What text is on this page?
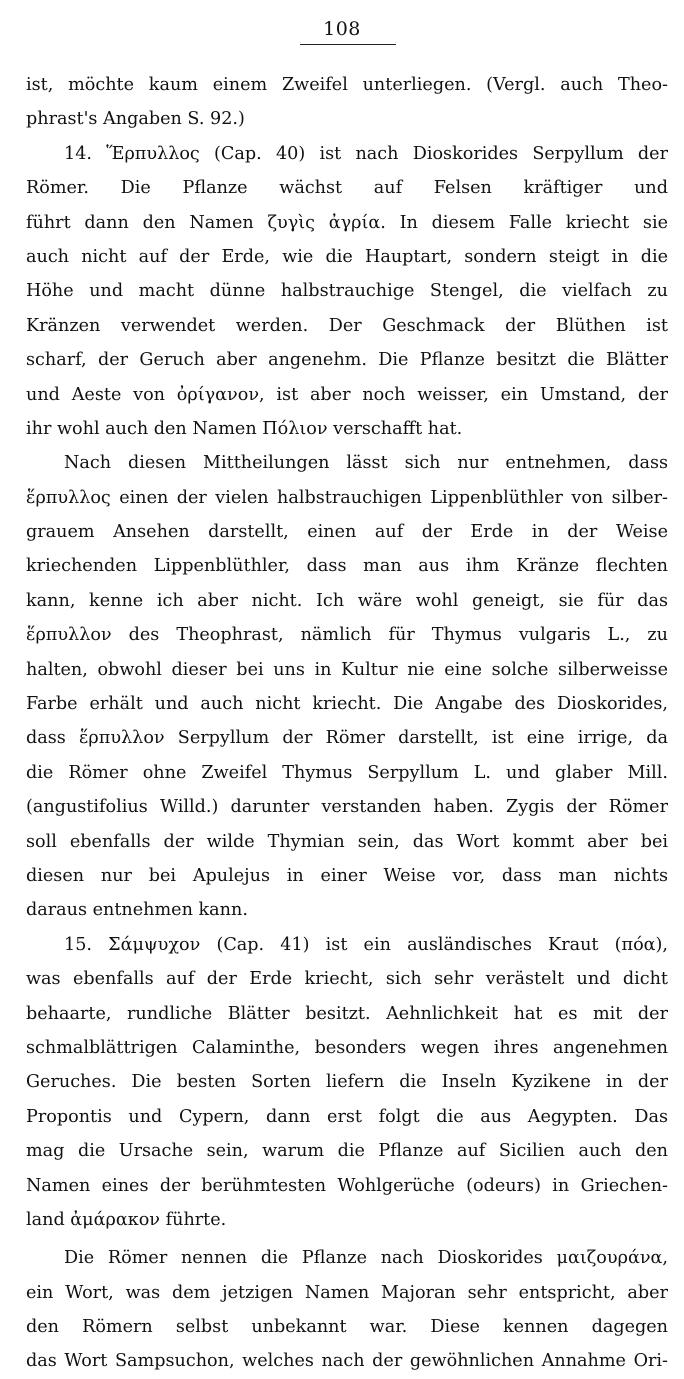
108
ist, möchte kaum einem Zweifel unterliegen. (Vergl. auch Theo-
phrast's Angaben S. 92.)
14. Ἕρπυλλος (Cap. 40) ist nach Dioskorides Serpyllum der
Römer. Die Pflanze wächst auf Felsen kräftiger und
führt dann den Namen ζυγὶς ἀγρία. In diesem Falle kriecht sie
auch nicht auf der Erde, wie die Hauptart, sondern steigt in die
Höhe und macht dünne halbstrauchige Stengel, die vielfach zu
Kränzen verwendet werden. Der Geschmack der Blüthen ist
scharf, der Geruch aber angenehm. Die Pflanze besitzt die Blätter
und Aeste von ὀρίγανον, ist aber noch weisser, ein Umstand, der
ihr wohl auch den Namen Πόλιον verschafft hat.
Nach diesen Mittheilungen lässt sich nur entnehmen, dass
ἕρπυλλος einen der vielen halbstrauchigen Lippenblüthler von silber-
grauem Ansehen darstellt, einen auf der Erde in der Weise
kriechenden Lippenblüthler, dass man aus ihm Kränze flechten
kann, kenne ich aber nicht. Ich wäre wohl geneigt, sie für das
ἕρπυλλον des Theophrast, nämlich für Thymus vulgaris L., zu
halten, obwohl dieser bei uns in Kultur nie eine solche silberweisse
Farbe erhält und auch nicht kriecht. Die Angabe des Dioskorides,
dass ἕρπυλλον Serpyllum der Römer darstellt, ist eine irrige, da
die Römer ohne Zweifel Thymus Serpyllum L. und glaber Mill.
(angustifolius Willd.) darunter verstanden haben. Zygis der Römer
soll ebenfalls der wilde Thymian sein, das Wort kommt aber bei
diesen nur bei Apulejus in einer Weise vor, dass man nichts
daraus entnehmen kann.
15. Σάμψυχον (Cap. 41) ist ein ausländisches Kraut (πόα),
was ebenfalls auf der Erde kriecht, sich sehr verästelt und dicht
behaarte, rundliche Blätter besitzt. Aehnlichkeit hat es mit der
schmalblättrigen Calaminthe, besonders wegen ihres angenehmen
Geruches. Die besten Sorten liefern die Inseln Kyzikene in der
Propontis und Cypern, dann erst folgt die aus Aegypten. Das
mag die Ursache sein, warum die Pflanze auf Sicilien auch den
Namen eines der berühmtesten Wohlgerüche (odeurs) in Griechen-
land ἀμάρακον führte.
Die Römer nennen die Pflanze nach Dioskorides μαιζουράνα,
ein Wort, was dem jetzigen Namen Majoran sehr entspricht, aber
den Römern selbst unbekannt war. Diese kennen dagegen
das Wort Sampsuchon, welches nach der gewöhnlichen Annahme Ori-
